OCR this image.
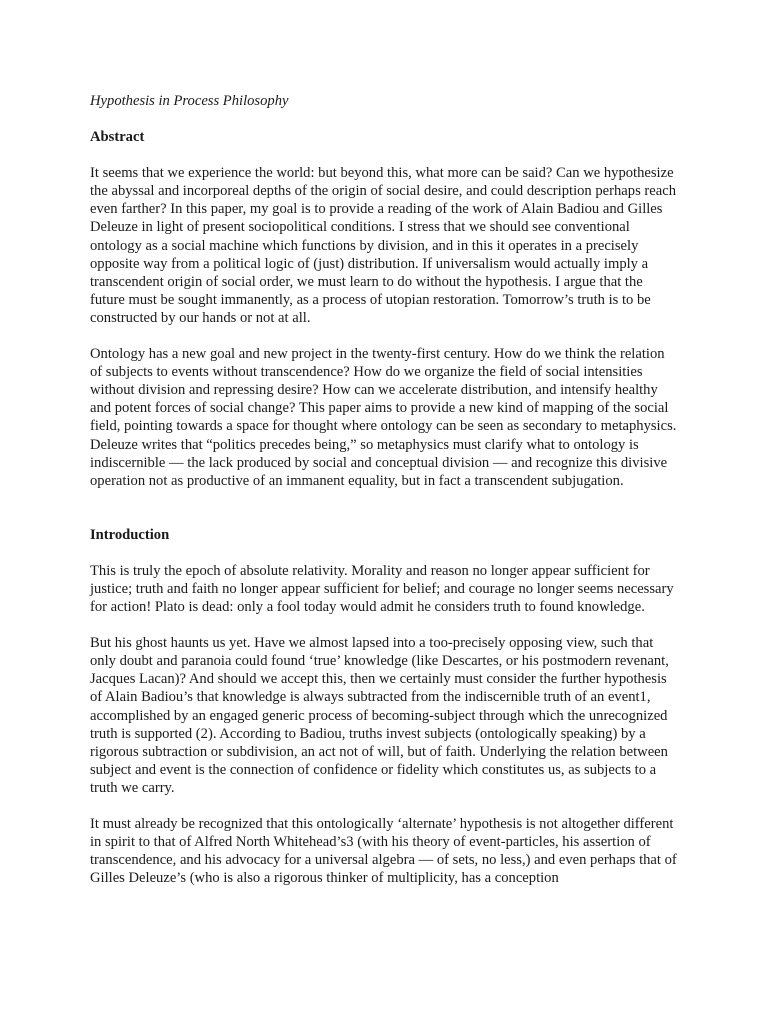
Hypothesis in Process Philosophy
Abstract

It seems that we experience the world: but beyond this, what more can be said? Can we hypothesize the abyssal and incorporeal depths of the origin of social desire, and could description perhaps reach even farther? In this paper, my goal is to provide a reading of the work of Alain Badiou and Gilles Deleuze in light of present sociopolitical conditions. I stress that we should see conventional ontology as a social machine which functions by division, and in this it operates in a precisely opposite way from a political logic of (just) distribution. If universalism would actually imply a transcendent origin of social order, we must learn to do without the hypothesis. I argue that the future must be sought immanently, as a process of utopian restoration. Tomorrow’s truth is to be constructed by our hands or not at all.

Ontology has a new goal and new project in the twenty-first century. How do we think the relation of subjects to events without transcendence? How do we organize the field of social intensities without division and repressing desire? How can we accelerate distribution, and intensify healthy and potent forces of social change? This paper aims to provide a new kind of mapping of the social field, pointing towards a space for thought where ontology can be seen as secondary to metaphysics. Deleuze writes that “politics precedes being,” so metaphysics must clarify what to ontology is indiscernible — the lack produced by social and conceptual division — and recognize this divisive operation not as productive of an immanent equality, but in fact a transcendent subjugation.

Introduction

This is truly the epoch of absolute relativity. Morality and reason no longer appear sufficient for justice; truth and faith no longer appear sufficient for belief; and courage no longer seems necessary for action! Plato is dead: only a fool today would admit he considers truth to found knowledge.

But his ghost haunts us yet. Have we almost lapsed into a too-precisely opposing view, such that only doubt and paranoia could found ‘true’ knowledge (like Descartes, or his postmodern revenant, Jacques Lacan)? And should we accept this, then we certainly must consider the further hypothesis of Alain Badiou’s that knowledge is always subtracted from the indiscernible truth of an event1, accomplished by an engaged generic process of becoming-subject through which the unrecognized truth is supported (2). According to Badiou, truths invest subjects (ontologically speaking) by a rigorous subtraction or subdivision, an act not of will, but of faith. Underlying the relation between subject and event is the connection of confidence or fidelity which constitutes us, as subjects to a truth we carry.

It must already be recognized that this ontologically ‘alternate’ hypothesis is not altogether different in spirit to that of Alfred North Whitehead’s3 (with his theory of event-particles, his assertion of transcendence, and his advocacy for a universal algebra — of sets, no less,) and even perhaps that of Gilles Deleuze’s (who is also a rigorous thinker of multiplicity, has a conception
